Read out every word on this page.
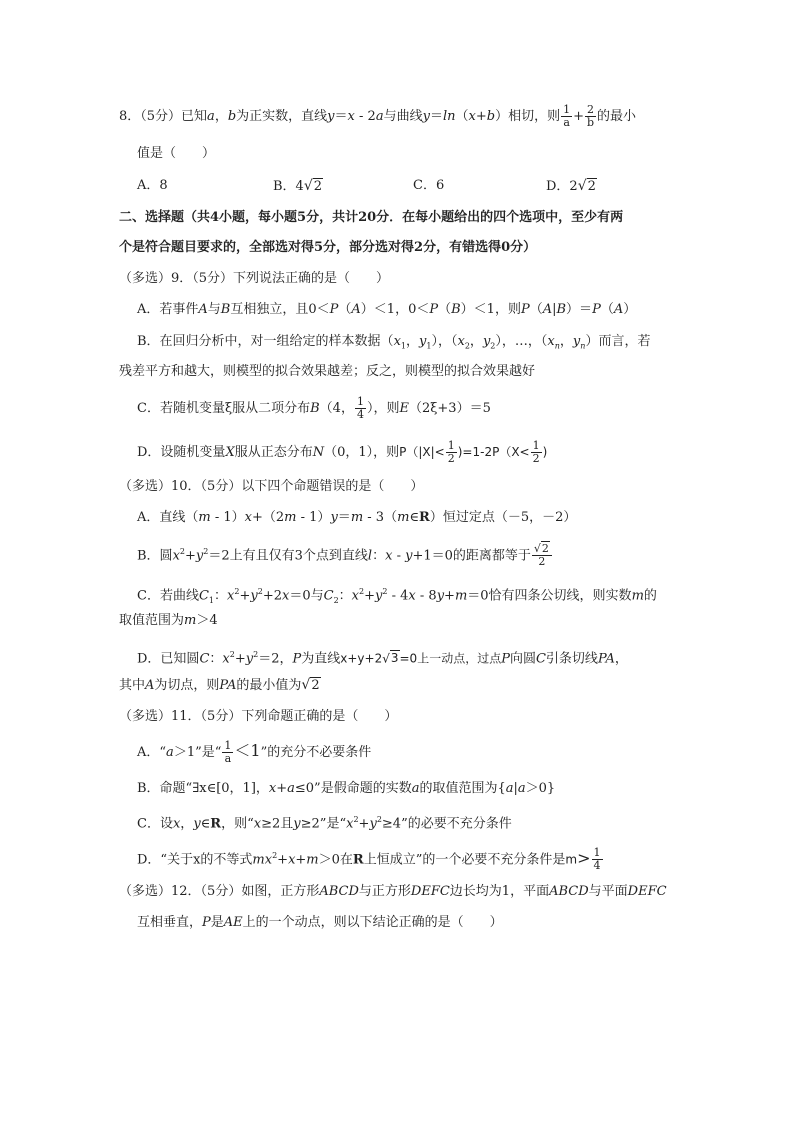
8．（5分）已知a，b为正实数，直线y＝x - 2a与曲线y＝ln（x+b）相切，则 $\frac{1}{a} + \frac{2}{b}$ 的最小
值是（　　）
A．8	B．4√2	C．6	D．2√2
二、选择题（共4小题，每小题5分，共计20分．在每小题给出的四个选项中，至少有两
个是符合题目要求的，全部选对得5分，部分选对得2分，有错选得0分）
（多选）9．（5分）下列说法正确的是（　　）
A．若事件A与B互相独立，且0＜P（A）＜1，0＜P（B）＜1，则P（A|B）＝P（A）
B．在回归分析中，对一组给定的样本数据（$x_1$，$y_1$），（$x_2$，$y_2$），…，（$x_n$，$y_n$）而言，若
残差平方和越大，则模型的拟合效果越差；反之，则模型的拟合效果越好
C．若随机变量ξ服从二项分布B（4， $\frac{1}{4}$ ），则E（2ξ+3）＝5
D．设随机变量X服从正态分布N（0，1），则$P(|X|< \frac{1}{2} )=1-2P(X< \frac{1}{2}$ )
（多选）10．（5分）以下四个命题错误的是（　　）
A．直线（m - 1）x+（2m - 1）y＝m - 3（m∈R）恒过定点（－5，－2）
B．圆$x^2+y^2=2$上有且仅有3个点到直线l：x - y+1＝0的距离都等于 $\frac{√2}{2}$
C．若曲线$C_1$：$x^2+y^2+2x=0$与$C_2$：$x^2+y^2 - 4x - 8y+m=0$恰有四条公切线，则实数m的
取值范围为m＞4
D．已知圆C：$x^2+y^2=2$，P为直线x+y+2√3=0上一动点，过点P向圆C引条切线PA，
其中A为切点，则PA的最小值为√2
（多选）11．（5分）下列命题正确的是（　　）
A．“a＞1”是“ $\frac{1}{a} <1$”的充分不必要条件
B．命题“∃x∈[0，1]，x+a≤0”是假命题的实数a的取值范围为{a|a＞0}
C．设x，y∈R，则“x≥2且y≥2”是“$x^2+y^2\ge 4$”的必要不充分条件
D．“关于x的不等式$mx^2+x+m>0$在R上恒成立”的一个必要不充分条件是$m> \frac{1}{4}$
（多选）12．（5分）如图，正方形ABCD与正方形DEFC边长均为1，平面ABCD与平面DEFC
互相垂直，P是AE上的一个动点，则以下结论正确的是（　　）
